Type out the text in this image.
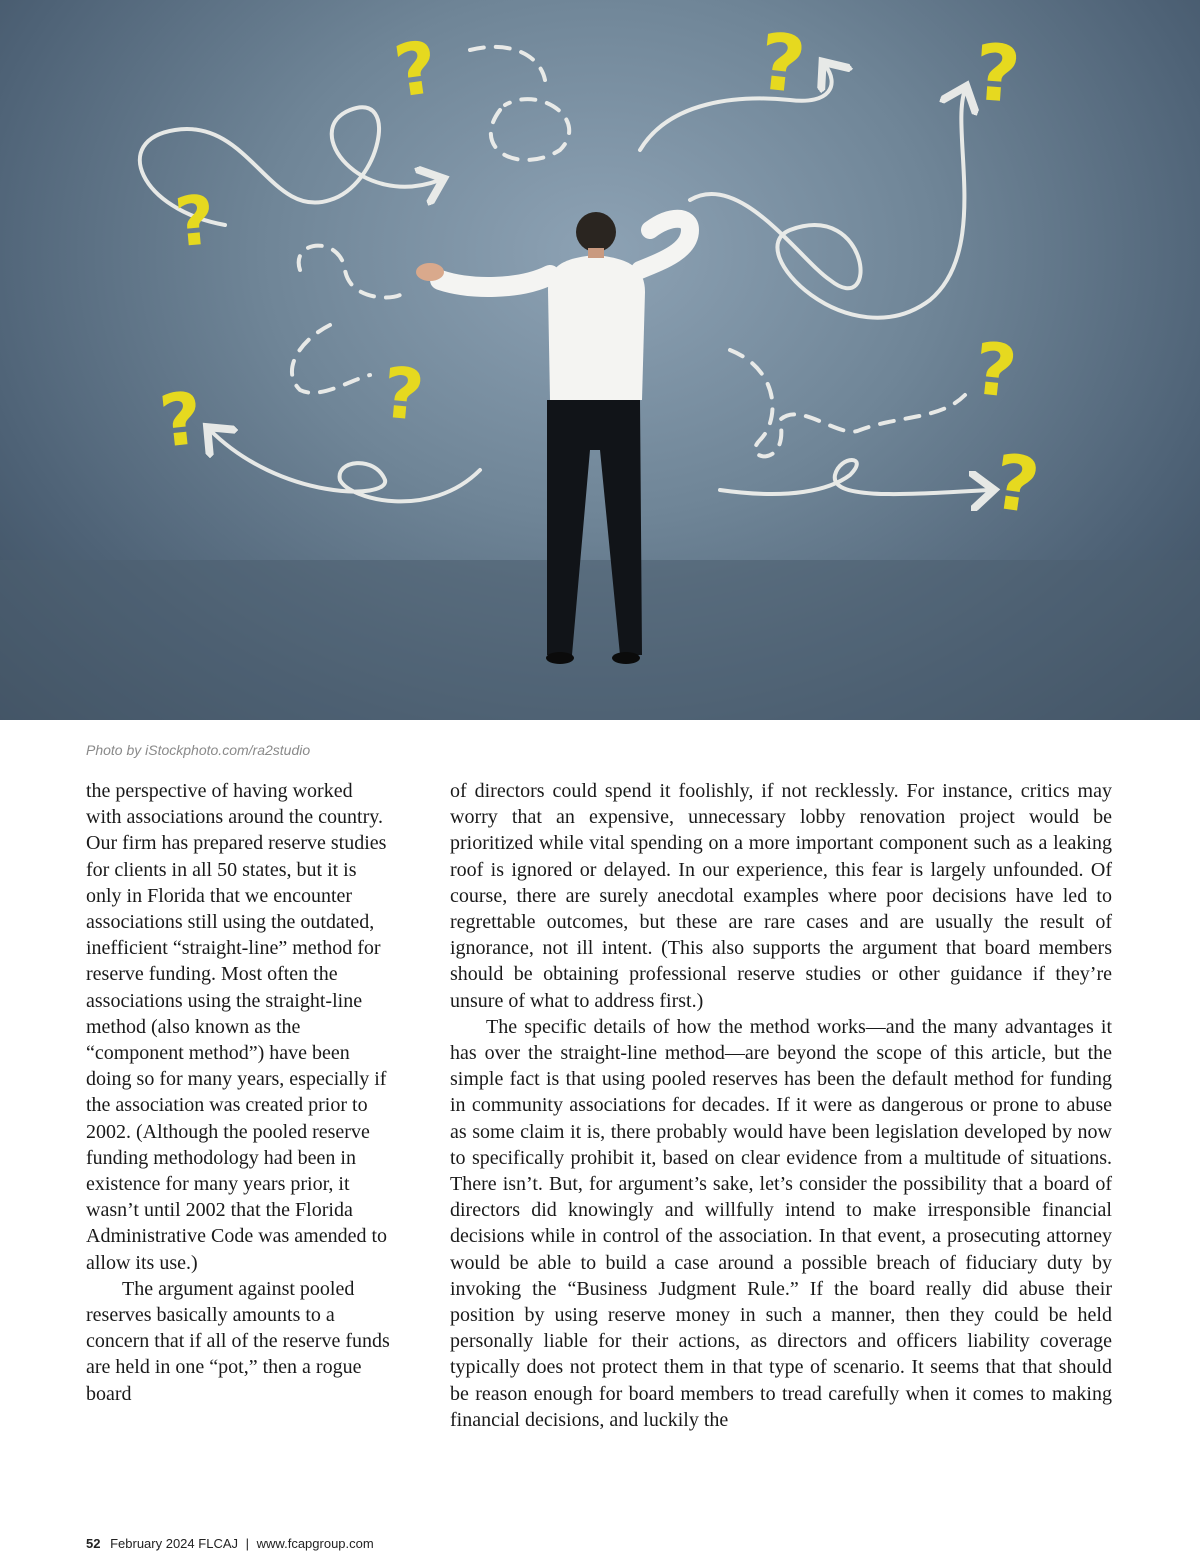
?	? ?
?
?
?
?
?
Photo by iStockphoto.com/ra2studio

the perspective of having worked with associations around the country. Our firm has prepared reserve studies for clients in all 50 states, but it is only in Florida that we encounter associations still using the outdated, inefficient “straight-line” method for reserve funding. Most often the associations using the straight-line method (also known as the “component method”) have been doing so for many years, especially if the association was created prior to 2002. (Although the pooled reserve funding methodology had been in existence for many years prior, it wasn’t until 2002 that the Florida Administrative Code was amended to allow its use.)

The argument against pooled reserves basically amounts to a concern that if all of the reserve funds are held in one “pot,” then a rogue board

of directors could spend it foolishly, if not recklessly. For instance, critics may worry that an expensive, unnecessary lobby renovation project would be prioritized while vital spending on a more important component such as a leaking roof is ignored or delayed. In our experience, this fear is largely unfounded. Of course, there are surely anecdotal examples where poor decisions have led to regrettable outcomes, but these are rare cases and are usually the result of ignorance, not ill intent. (This also supports the argument that board members should be obtaining professional reserve studies or other guidance if they’re unsure of what to address first.)

The specific details of how the method works—and the many advantages it has over the straight-line method—are beyond the scope of this article, but the simple fact is that using pooled reserves has been the default method for funding in community associations for decades. If it were as dangerous or prone to abuse as some claim it is, there probably would have been legislation developed by now to specifically prohibit it, based on clear evidence from a multitude of situations. There isn’t. But, for argument’s sake, let’s consider the possibility that a board of directors did knowingly and willfully intend to make irresponsible financial decisions while in control of the association. In that event, a prosecuting attorney would be able to build a case around a possible breach of fiduciary duty by invoking the “Business Judgment Rule.” If the board really did abuse their position by using reserve money in such a manner, then they could be held personally liable for their actions, as directors and officers liability coverage typically does not protect them in that type of scenario. It seems that that should be reason enough for board members to tread carefully when it comes to making financial decisions, and luckily the

52 February 2024 FLCAJ | www.fcapgroup.com
